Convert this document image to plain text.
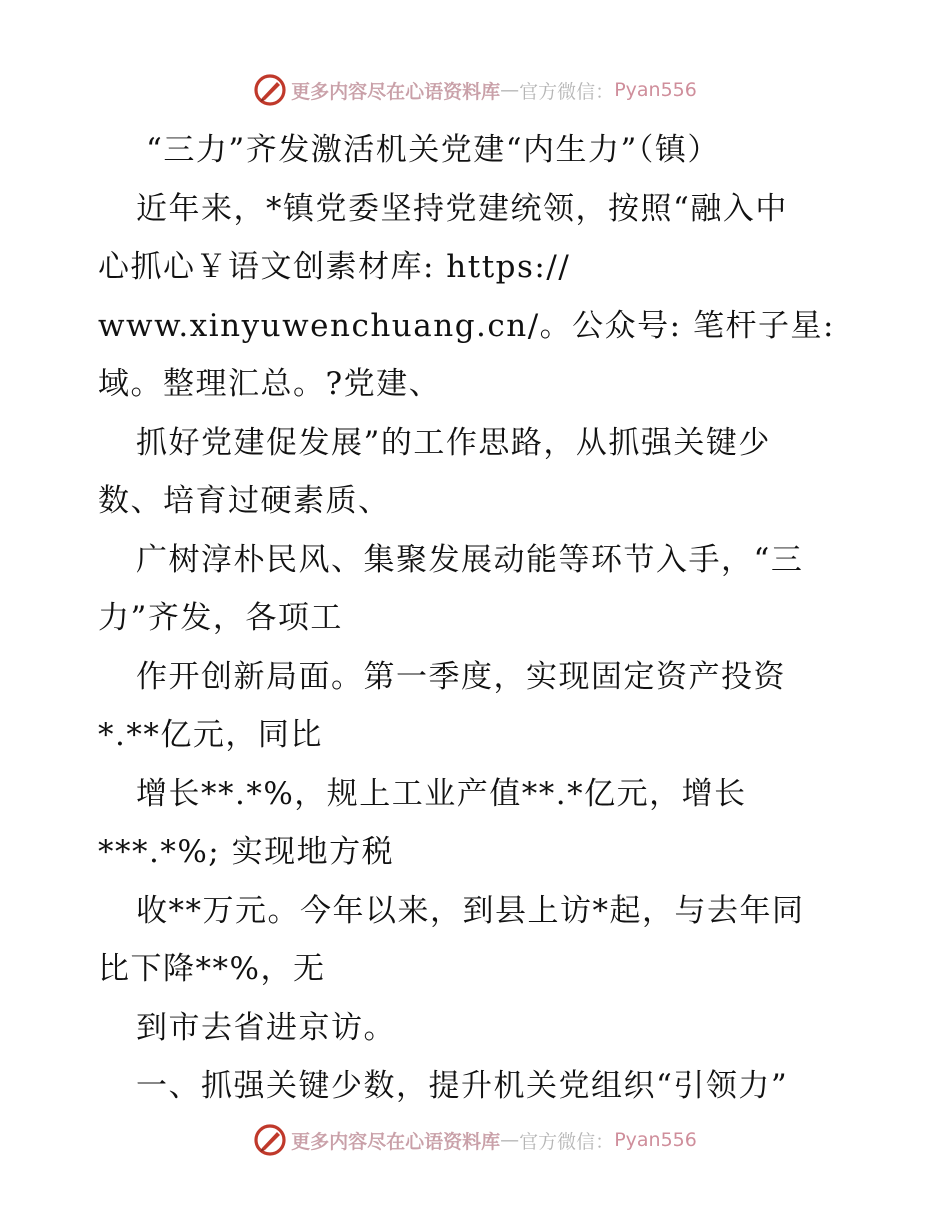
更多内容尽在心语资料库 — 官方微信： Pyan556
“三力”齐发激活机关党建“内生力”（镇）
近年来，*镇党委坚持党建统领，按照“融入中
心抓心￥语文创素材库: https://
www.xinyuwenchuang.cn/。公众号: 笔杆子星:
域。整理汇总。?党建、
抓好党建促发展”的工作思路，从抓强关键少
数、培育过硬素质、
广树淳朴民风、集聚发展动能等环节入手，“三
力”齐发，各项工
作开创新局面。第一季度，实现固定资产投资
*.**亿元，同比
增长**.*%，规上工业产值**.*亿元，增长
***.*%; 实现地方税
收**万元。今年以来，到县上访*起，与去年同
比下降**%，无
到市去省进京访。
一、抓强关键少数，提升机关党组织“引领力”
更多内容尽在心语资料库 — 官方微信： Pyan556
